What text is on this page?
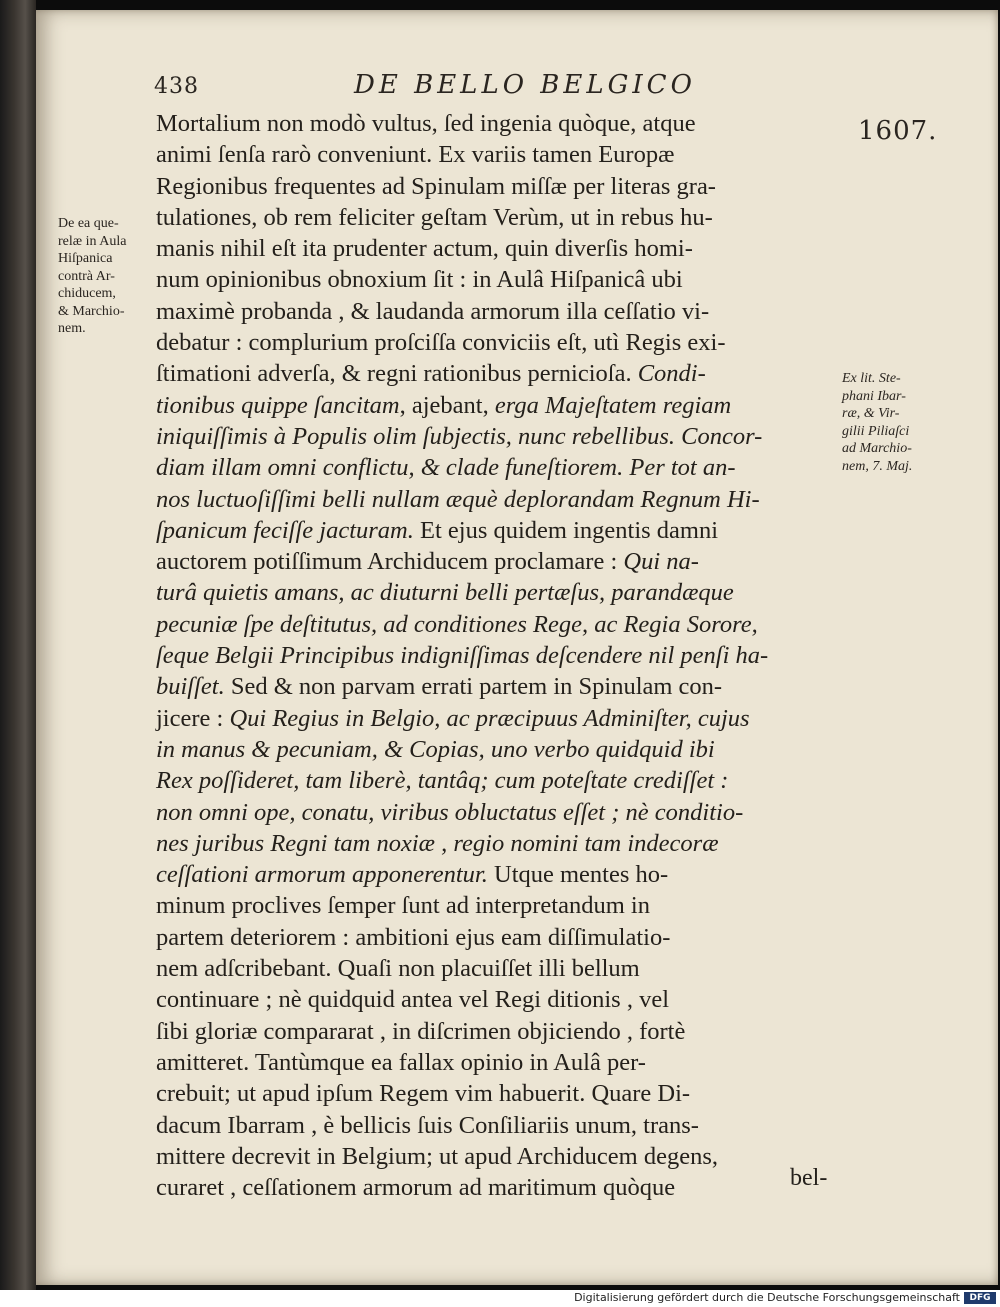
438	DE BELLO BELGICO
1607.
De ea que-
relæ in Aula
Hiſpanica
contrà Ar-
chiducem,
& Marchio-
nem.
Ex lit. Ste-
phani Ibar-
ræ, & Vir-
gilii Piliaſci
ad Marchio-
nem, 7. Maj.
Mortalium non modò vultus, ſed ingenia quòque, atque
animi ſenſa rarò conveniunt. Ex variis tamen Europæ
Regionibus frequentes ad Spinulam miſſæ per literas gra-
tulationes, ob rem feliciter geſtam Verùm, ut in rebus hu-
manis nihil eſt ita prudenter actum, quin diverſis homi-
num opinionibus obnoxium ſit : in Aulâ Hiſpanicâ ubi
maximè probanda , & laudanda armorum illa ceſſatio vi-
debatur : complurium proſciſſa conviciis eſt, utì Regis exi-
ſtimationi adverſa, & regni rationibus pernicioſa. Condi-
tionibus quippe ſancitam, ajebant, erga Majeſtatem regiam
iniquiſſimis à Populis olim ſubjectis, nunc rebellibus. Concor-
diam illam omni conflictu, & clade funeſtiorem. Per tot an-
nos luctuoſiſſimi belli nullam æquè deplorandam Regnum Hi-
ſpanicum feciſſe jacturam. Et ejus quidem ingentis damni
auctorem potiſſimum Archiducem proclamare : Qui na-
turâ quietis amans, ac diuturni belli pertæſus, parandæque
pecuniæ ſpe deſtitutus, ad conditiones Rege, ac Regia Sorore,
ſeque Belgii Principibus indigniſſimas deſcendere nil penſi ha-
buiſſet. Sed & non parvam errati partem in Spinulam con-
jicere : Qui Regius in Belgio, ac præcipuus Adminiſter, cujus
in manus & pecuniam, & Copias, uno verbo quidquid ibi
Rex poſſideret, tam liberè, tantâq; cum poteſtate crediſſet :
non omni ope, conatu, viribus obluctatus eſſet ; nè conditio-
nes juribus Regni tam noxiæ , regio nomini tam indecoræ
ceſſationi armorum apponerentur. Utque mentes ho-
minum proclives ſemper ſunt ad interpretandum in
partem deteriorem : ambitioni ejus eam diſſimulatio-
nem adſcribebant. Quaſi non placuiſſet illi bellum
continuare ; nè quidquid antea vel Regi ditionis , vel
ſibi gloriæ compararat , in diſcrimen objiciendo , fortè
amitteret. Tantùmque ea fallax opinio in Aulâ per-
crebuit; ut apud ipſum Regem vim habuerit. Quare Di-
dacum Ibarram , è bellicis ſuis Conſiliariis unum, trans-
mittere decrevit in Belgium; ut apud Archiducem degens,
curaret , ceſſationem armorum ad maritimum quòque	bel-
Digitalisierung gefördert durch die Deutsche Forschungsgemeinschaft	DFG
